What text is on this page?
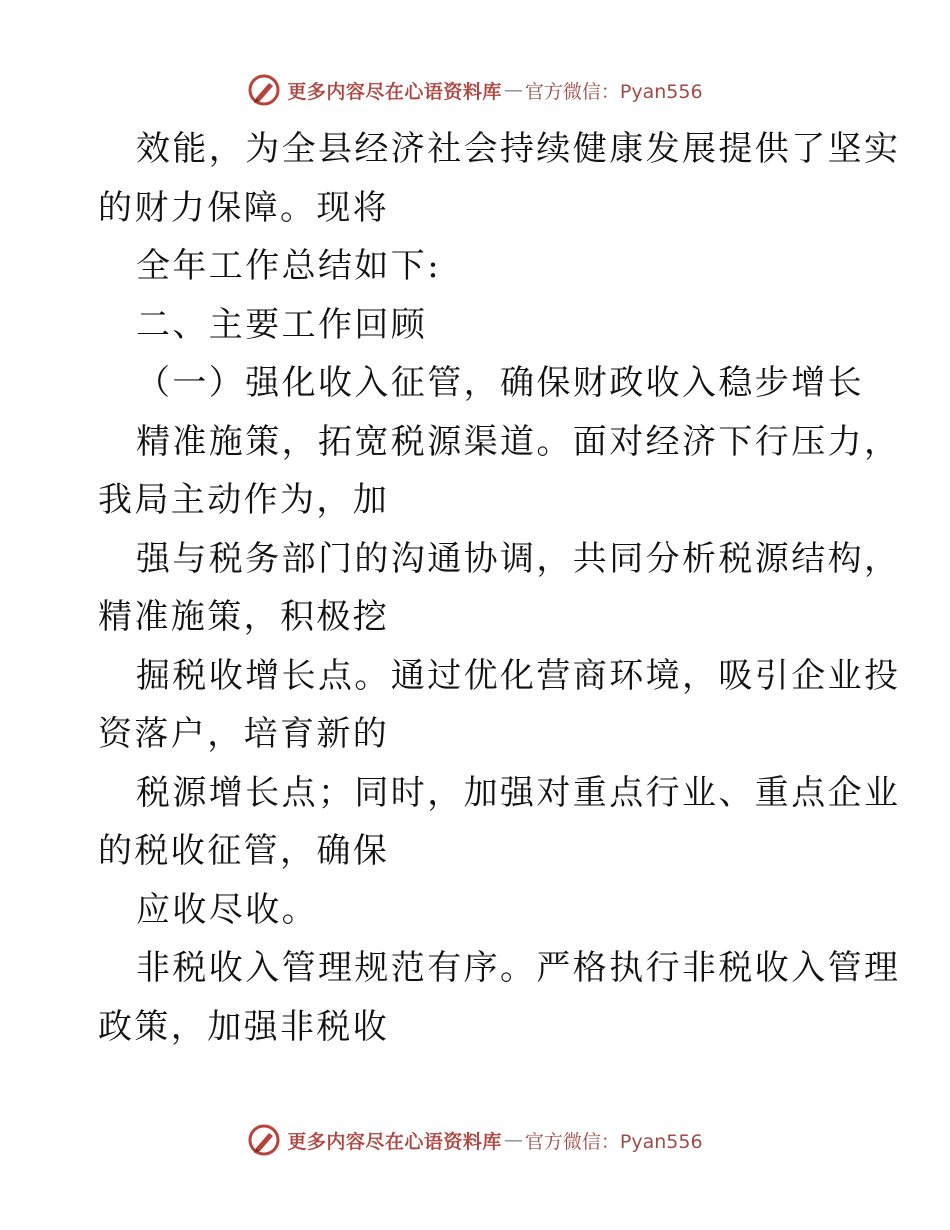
更多内容尽在心语资料库 — 官方微信：Pyan556
效能，为全县经济社会持续健康发展提供了坚实
的财力保障。现将
全年工作总结如下:
二、主要工作回顾
（一）强化收入征管，确保财政收入稳步增长
精准施策，拓宽税源渠道。面对经济下行压力，
我局主动作为，加
强与税务部门的沟通协调，共同分析税源结构，
精准施策，积极挖
掘税收增长点。通过优化营商环境，吸引企业投
资落户，培育新的
税源增长点；同时，加强对重点行业、重点企业
的税收征管，确保
应收尽收。
非税收入管理规范有序。严格执行非税收入管理
政策，加强非税收
更多内容尽在心语资料库 — 官方微信：Pyan556
